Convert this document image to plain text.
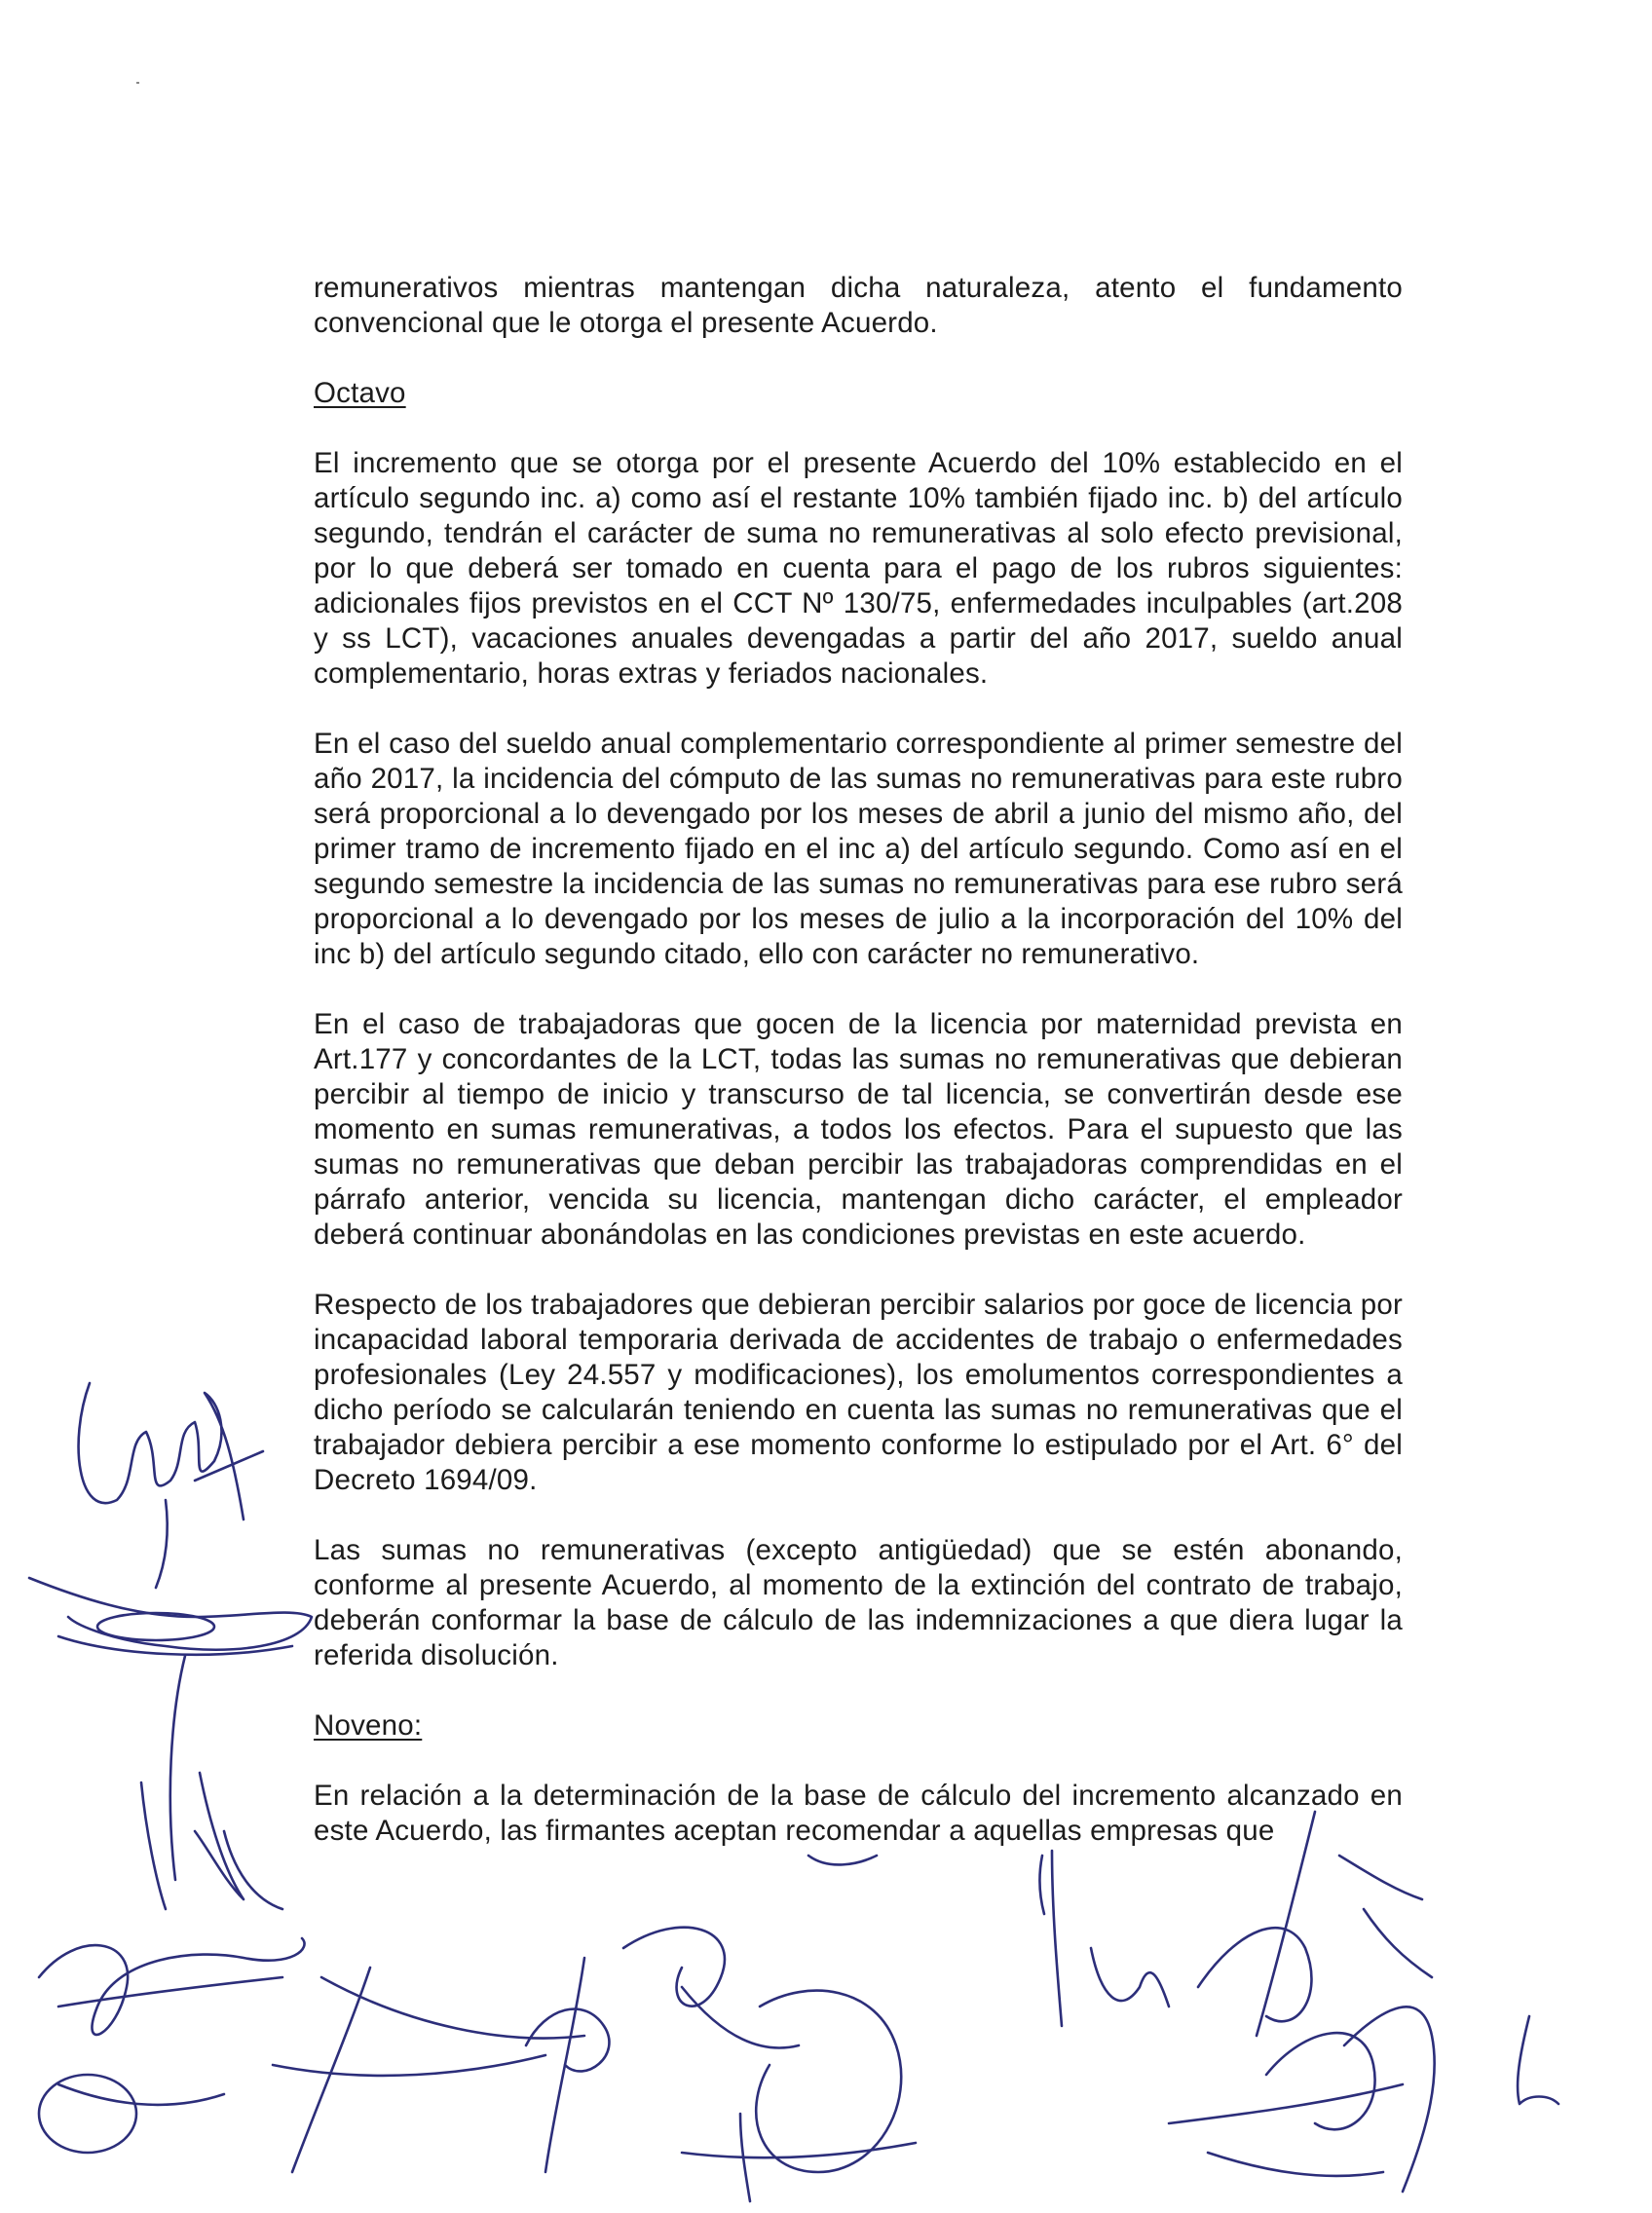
remunerativos mientras mantengan dicha naturaleza, atento el fundamento convencional que le otorga el presente Acuerdo.

Octavo

El incremento que se otorga por el presente Acuerdo del 10% establecido en el artículo segundo inc. a) como así el restante 10% también fijado inc. b) del artículo segundo, tendrán el carácter de suma no remunerativas al solo efecto previsional, por lo que deberá ser tomado en cuenta para el pago de los rubros siguientes: adicionales fijos previstos en el CCT Nº 130/75, enfermedades inculpables (art.208 y ss LCT), vacaciones anuales devengadas a partir del año 2017, sueldo anual complementario, horas extras y feriados nacionales.

En el caso del sueldo anual complementario correspondiente al primer semestre del año 2017, la incidencia del cómputo de las sumas no remunerativas para este rubro será proporcional a lo devengado por los meses de abril a junio del mismo año, del primer tramo de incremento fijado en el inc a) del artículo segundo. Como así en el segundo semestre la incidencia de las sumas no remunerativas para ese rubro será proporcional a lo devengado por los meses de julio a la incorporación del 10% del inc b) del artículo segundo citado, ello con carácter no remunerativo.

En el caso de trabajadoras que gocen de la licencia por maternidad prevista en Art.177 y concordantes de la LCT, todas las sumas no remunerativas que debieran percibir al tiempo de inicio y transcurso de tal licencia, se convertirán desde ese momento en sumas remunerativas, a todos los efectos. Para el supuesto que las sumas no remunerativas que deban percibir las trabajadoras comprendidas en el párrafo anterior, vencida su licencia, mantengan dicho carácter, el empleador deberá continuar abonándolas en las condiciones previstas en este acuerdo.

Respecto de los trabajadores que debieran percibir salarios por goce de licencia por incapacidad laboral temporaria derivada de accidentes de trabajo o enfermedades profesionales (Ley 24.557 y modificaciones), los emolumentos correspondientes a dicho período se calcularán teniendo en cuenta las sumas no remunerativas que el trabajador debiera percibir a ese momento conforme lo estipulado por el Art. 6° del Decreto 1694/09.

Las sumas no remunerativas (excepto antigüedad) que se estén abonando, conforme al presente Acuerdo, al momento de la extinción del contrato de trabajo, deberán conformar la base de cálculo de las indemnizaciones a que diera lugar la referida disolución.

Noveno:

En relación a la determinación de la base de cálculo del incremento alcanzado en este Acuerdo, las firmantes aceptan recomendar a aquellas empresas que
